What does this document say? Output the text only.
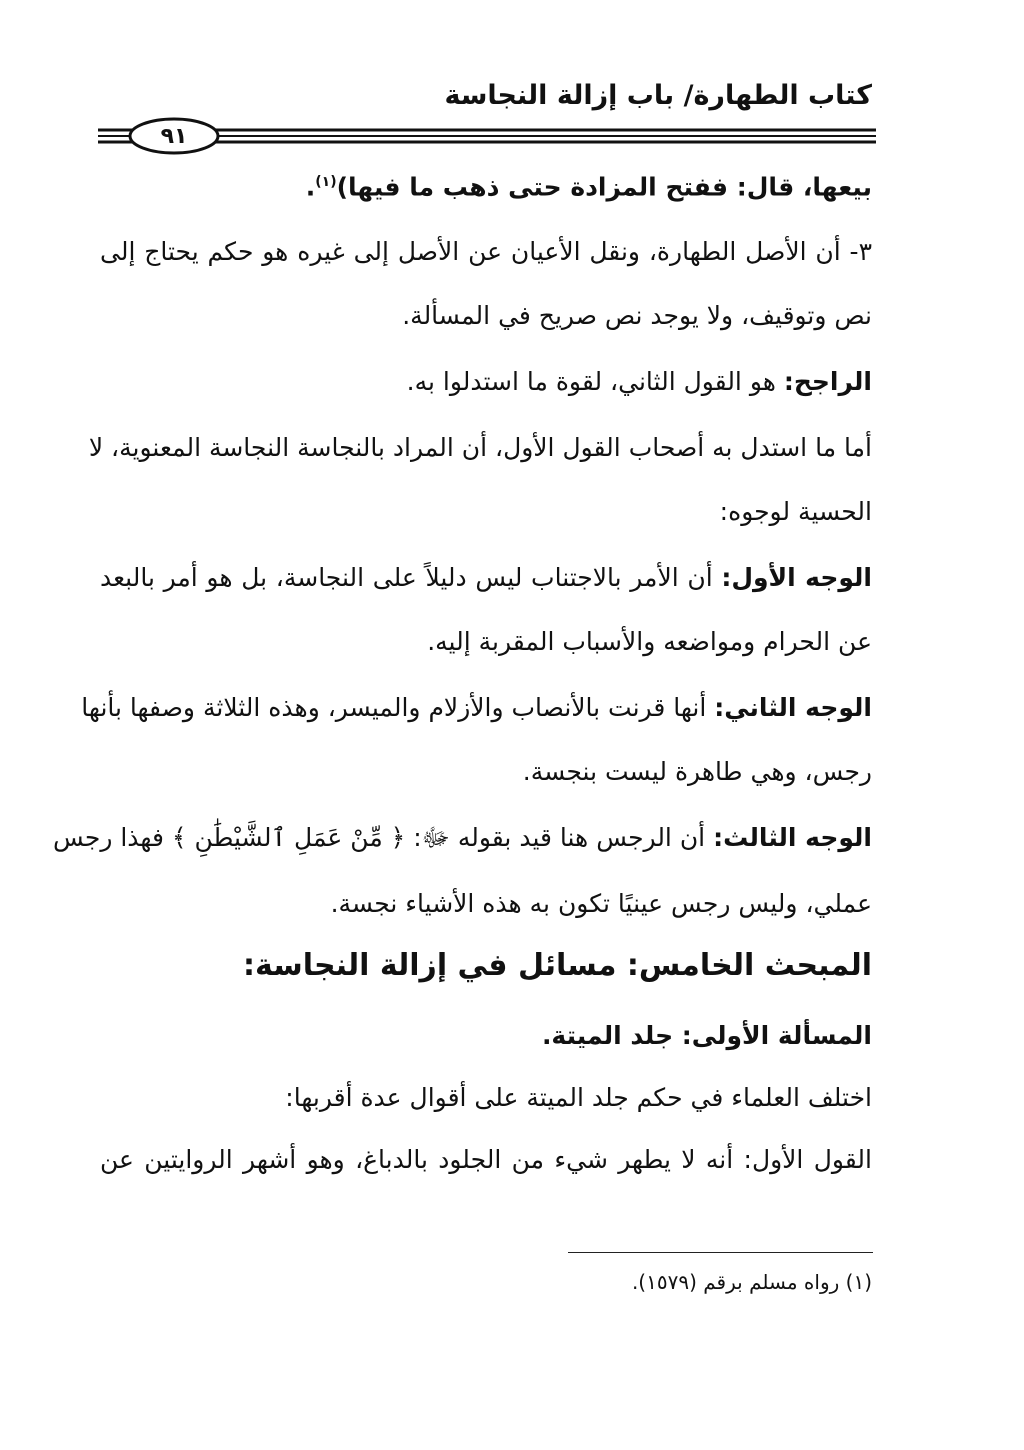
كتاب الطهارة/ باب إزالة النجاسة
٩١
بيعها، قال: ففتح المزادة حتى ذهب ما فيها)$^{(١)}$.
٣- أن الأصل الطهارة، ونقل الأعيان عن الأصل إلى غيره هو حكم يحتاج إلى
نص وتوقيف، ولا يوجد نص صريح في المسألة.
الراجح: هو القول الثاني، لقوة ما استدلوا به.
أما ما استدل به أصحاب القول الأول، أن المراد بالنجاسة النجاسة المعنوية، لا
الحسية لوجوه:
الوجه الأول: أن الأمر بالاجتناب ليس دليلاً على النجاسة، بل هو أمر بالبعد
عن الحرام ومواضعه والأسباب المقربة إليه.
الوجه الثاني: أنها قرنت بالأنصاب والأزلام والميسر، وهذه الثلاثة وصفها بأنها
رجس، وهي طاهرة ليست بنجسة.
الوجه الثالث: أن الرجس هنا قيد بقوله ﷻ: ﴿ مِّنْ عَمَلِ ٱلشَّيْطَٰنِ ﴾ فهذا رجس
عملي، وليس رجس عينيًا تكون به هذه الأشياء نجسة.
المبحث الخامس: مسائل في إزالة النجاسة:
المسألة الأولى: جلد الميتة.
اختلف العلماء في حكم جلد الميتة على أقوال عدة أقربها:
القول الأول: أنه لا يطهر شيء من الجلود بالدباغ، وهو أشهر الروايتين عن
(١) رواه مسلم برقم (١٥٧٩).
